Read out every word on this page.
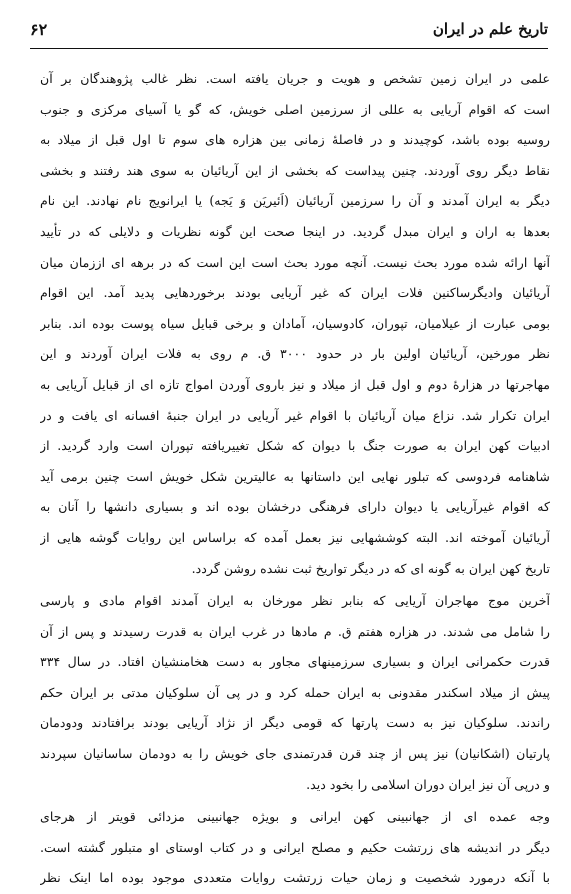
تاریخ علم در ایران
۶۲
علمی در ایران زمین تشخص و هویت و جریان یافته است. نظر غالب پژوهندگان بر آن
است که اقوام آریایی به عللی از سرزمین اصلی خویش، که گو یا آسیای مرکزی و جنوب
روسیه بوده باشد، کوچیدند و در فاصلهٔ زمانی بین هزاره های سوم تا اول قبل از میلاد به
نقاط دیگر روی آوردند. چنین پیداست که بخشی از این آریائیان به سوی هند رفتند و بخشی
دیگر به ایران آمدند و آن را سرزمین آریائیان (اَئیریَن وَ یَجه) یا ایرانویج نام نهادند. این نام
بعدها به اران و ایران مبدل گردید. در اینجا صحت این گونه نظریات و دلایلی که در تأیید
آنها ارائه شده مورد بحث نیست. آنچه مورد بحث است این است که در برهه ای اززمان میان
آریائیان وادیگرساکنین فلات ایران که غیر آریایی بودند برخوردهایی پدید آمد. این اقوام
بومی عبارت از عیلامیان، تپوران، کادوسیان، آمادان و برخی قبایل سیاه پوست بوده اند. بنابر
نظر مورخین، آریائیان اولین بار در حدود ۳۰۰۰ ق. م روی به فلات ایران آوردند و این
مهاجرتها در هزارهٔ دوم و اول قبل از میلاد و نیز باروی آوردن امواج تازه ای از قبایل آریایی به
ایران تکرار شد. نزاع میان آریائیان با اقوام غیر آریایی در ایران جنبهٔ افسانه ای یافت و در
ادبیات کهن ایران به صورت جنگ با دیوان که شکل تغییریافته تپوران است وارد گردید. از
شاهنامه فردوسی که تبلور نهایی این داستانها به عالیترین شکل خویش است چنین برمی آید
که اقوام غیرآریایی یا دیوان دارای فرهنگی درخشان بوده اند و بسیاری دانشها را آنان به
آریائیان آموخته اند. البته کوششهایی نیز بعمل آمده که براساس این روایات گوشه هایی از
تاریخ کهن ایران به گونه ای که در دیگر تواریخ ثبت نشده روشن گردد.
آخرین موج مهاجران آریایی که بنابر نظر مورخان به ایران آمدند اقوام مادی و پارسی
را شامل می شدند. در هزاره هفتم ق. م مادها در غرب ایران به قدرت رسیدند و پس از آن
قدرت حکمرانی ایران و بسیاری سرزمینهای مجاور به دست هخامنشیان افتاد. در سال ۳۳۴
پیش از میلاد اسکندر مقدونی به ایران حمله کرد و در پی آن سلوکیان مدتی بر ایران حکم
راندند. سلوکیان نیز به دست پارتها که قومی دیگر از نژاد آریایی بودند برافتادند ودودمان
پارتیان (اشکانیان) نیز پس از چند قرن قدرتمندی جای خویش را به دودمان ساسانیان سپردند
و درپی آن نیز ایران دوران اسلامی را بخود دید.
وجه عمده ای از جهانبینی کهن ایرانی و بویژه جهانبینی مزدائی قویتر از هرجای
دیگر در اندیشه های زرتشت حکیم و مصلح ایرانی و در کتاب اوستای او متبلور گشته است.
با آنکه درمورد شخصیت و زمان حیات زرتشت روایات متعددی موجود بوده اما اینک نظر
